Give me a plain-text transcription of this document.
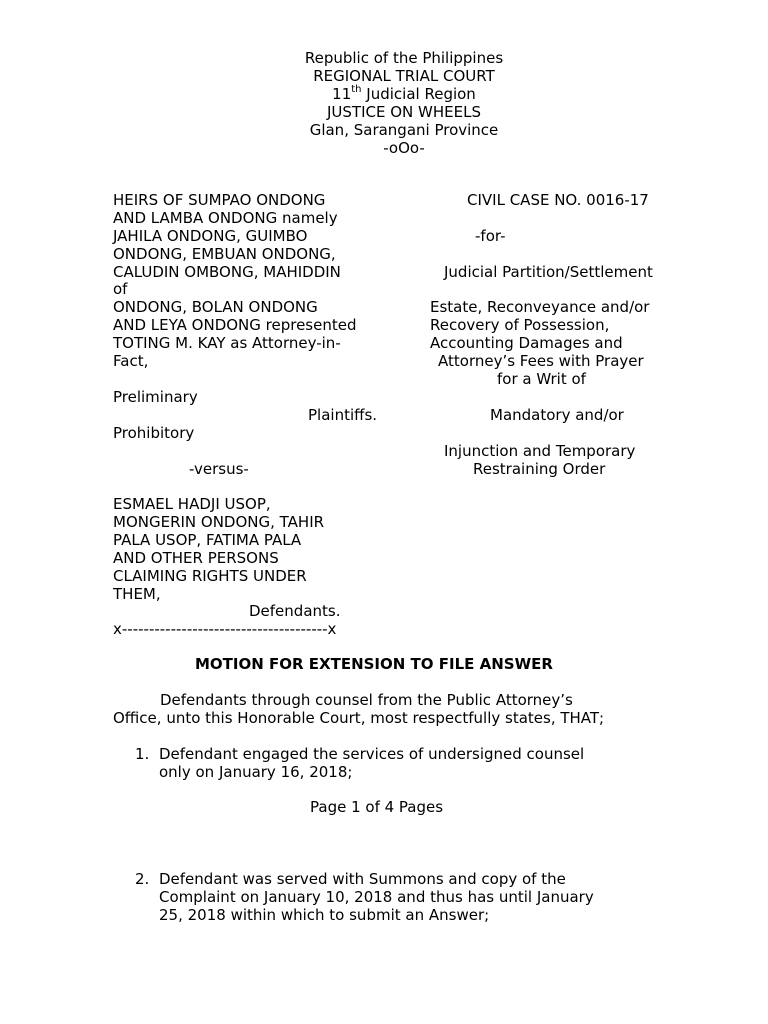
Republic of the Philippines
REGIONAL TRIAL COURT
11th Judicial Region
JUSTICE ON WHEELS
Glan, Sarangani Province
-oOo-
HEIRS OF SUMPAO ONDONG
AND LAMBA ONDONG namely
JAHILA ONDONG, GUIMBO
ONDONG, EMBUAN ONDONG,
CALUDIN OMBONG, MAHIDDIN
of
ONDONG, BOLAN ONDONG
AND LEYA ONDONG represented
TOTING M. KAY as Attorney-in-
Fact,
Preliminary
Plaintiffs.
Prohibitory
-versus-
ESMAEL HADJI USOP,
MONGERIN ONDONG, TAHIR
PALA USOP, FATIMA PALA
AND OTHER PERSONS
CLAIMING RIGHTS UNDER
THEM,
Defendants.
x--------------------------------------x
CIVIL CASE NO. 0016-17
-for-
Judicial Partition/Settlement
Estate, Reconveyance and/or
Recovery of Possession,
Accounting Damages and
Attorney’s Fees with Prayer
for a Writ of
Mandatory and/or
Injunction and Temporary
Restraining Order
MOTION FOR EXTENSION TO FILE ANSWER
Defendants through counsel from the Public Attorney’s
Office, unto this Honorable Court, most respectfully states, THAT;
1. Defendant engaged the services of undersigned counsel
only on January 16, 2018;
Page 1 of 4 Pages
2. Defendant was served with Summons and copy of the
Complaint on January 10, 2018 and thus has until January
25, 2018 within which to submit an Answer;
